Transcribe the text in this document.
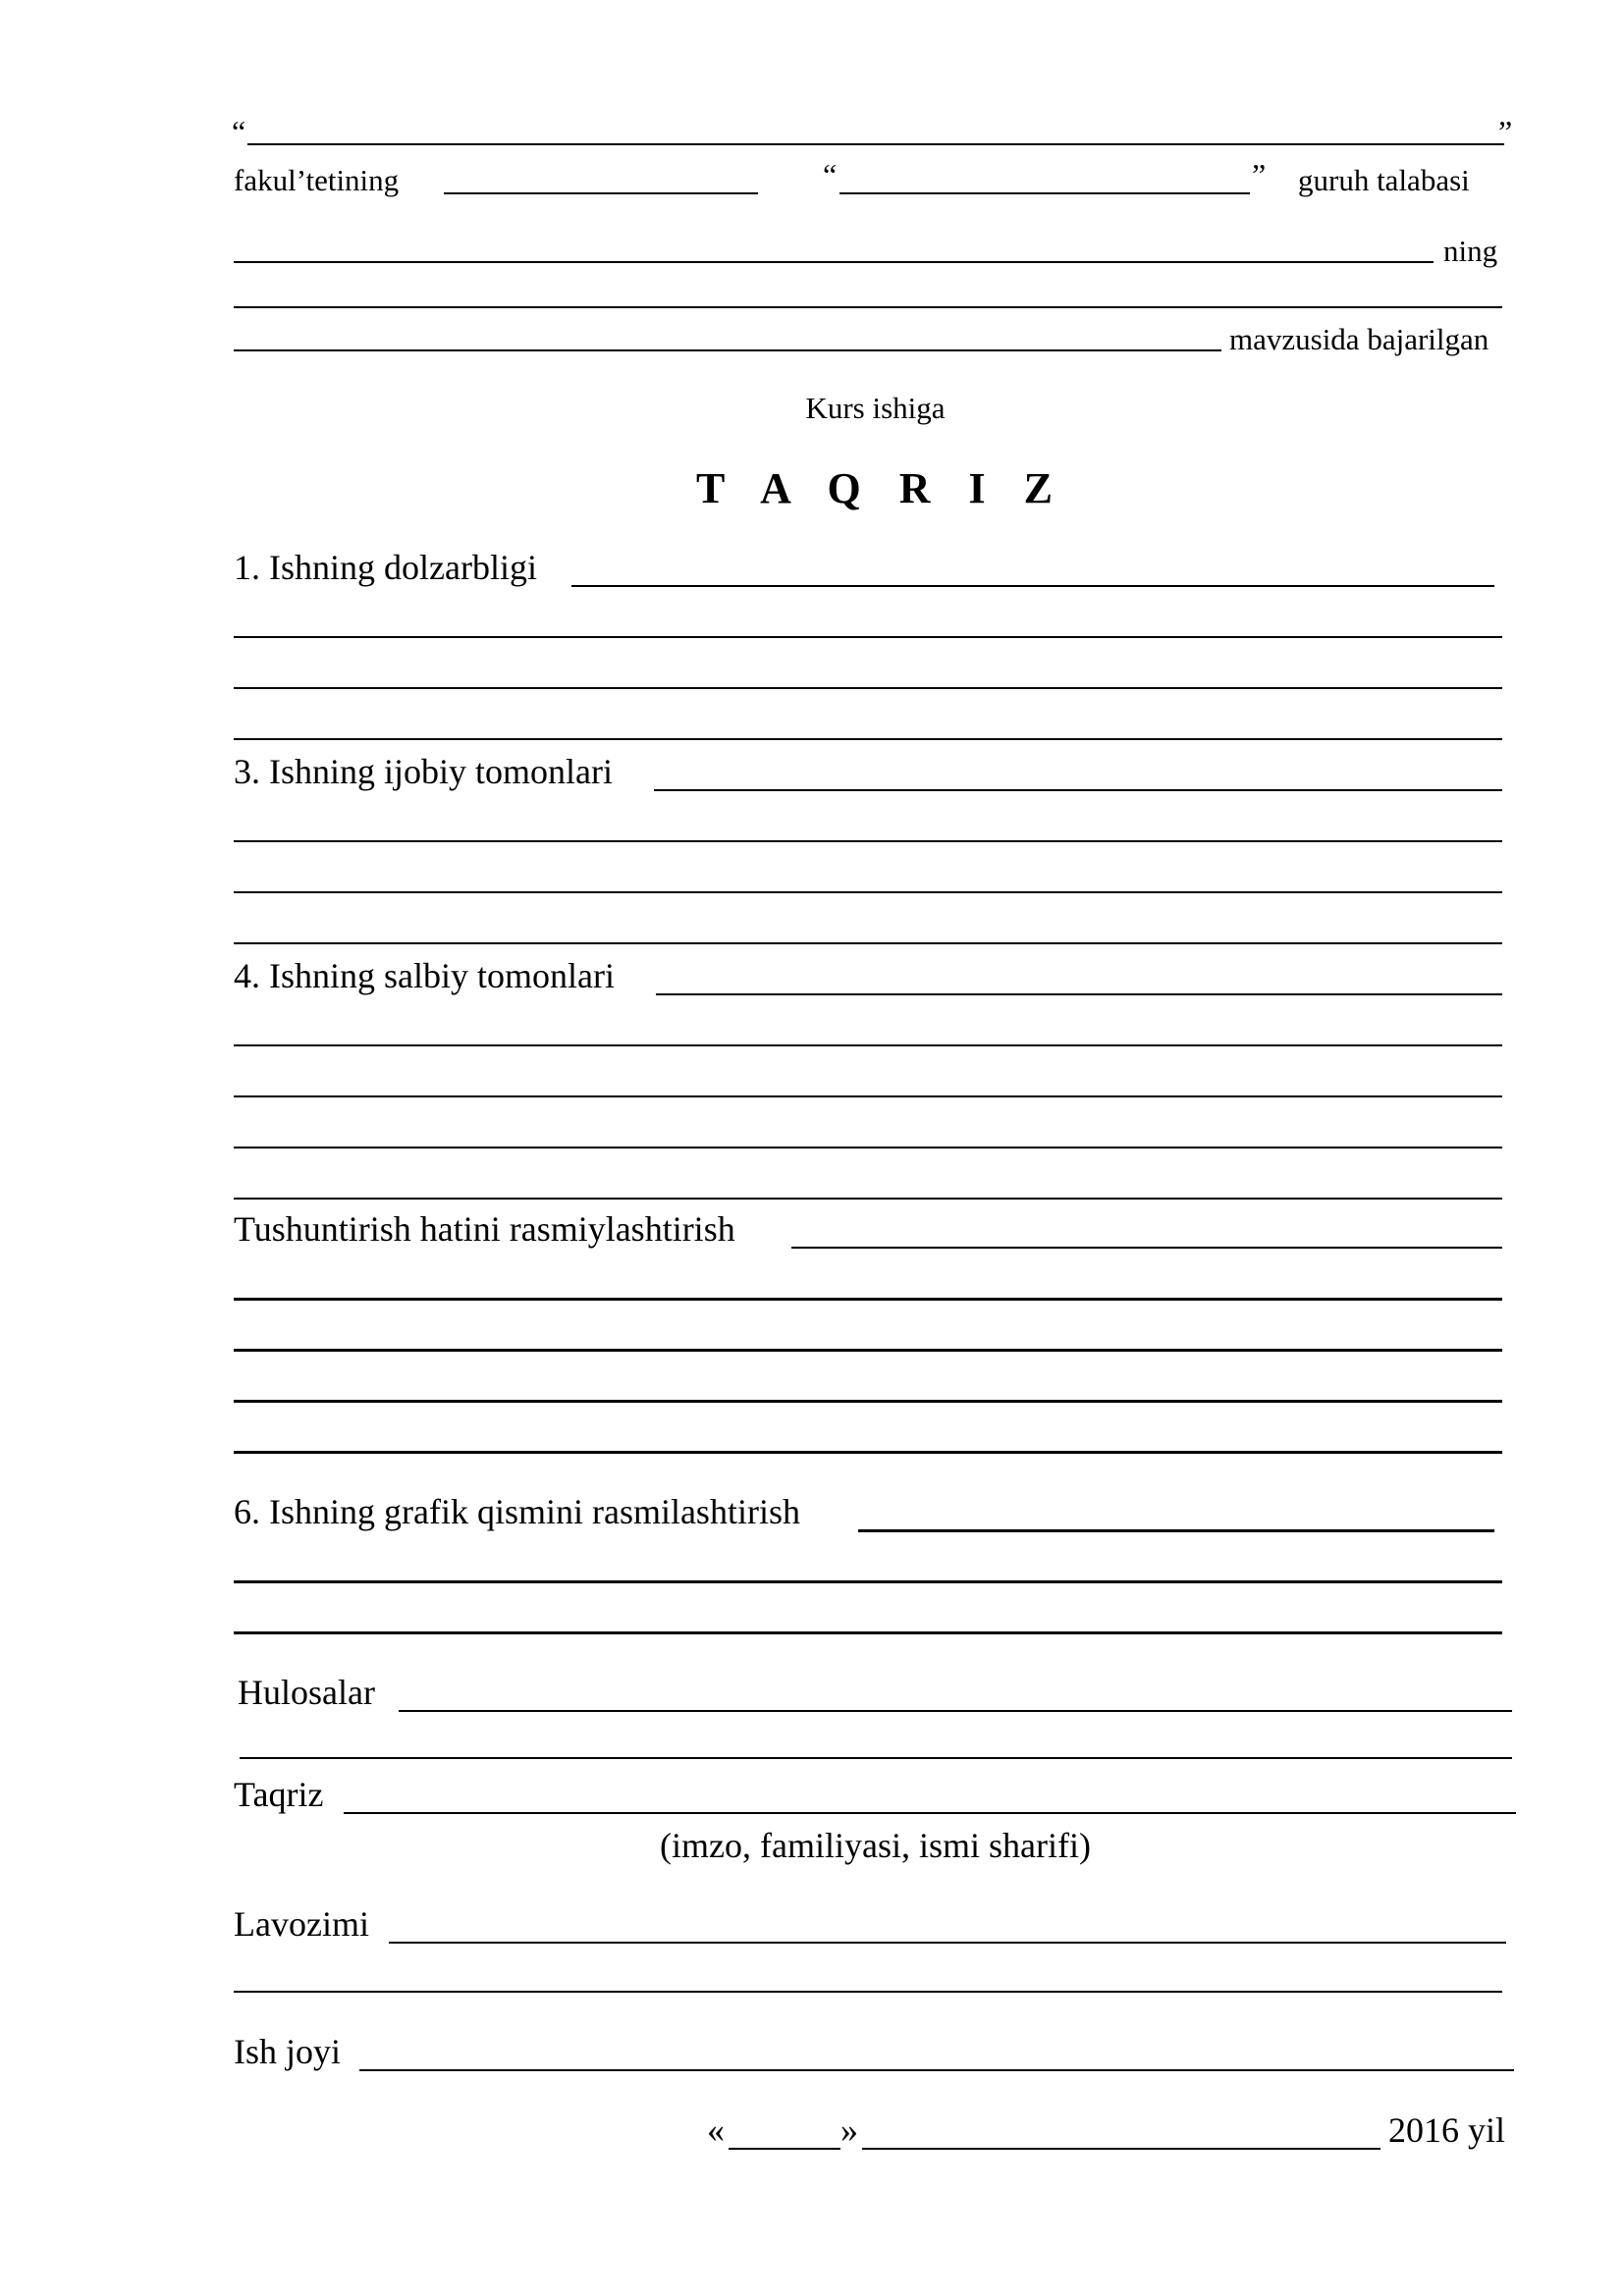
“	”
fakul’tetining	“	” guruh talabasi
ning
mavzusida bajarilgan
Kurs ishiga
T A Q R I Z
1. Ishning dolzarbligi
3. Ishning ijobiy tomonlari
4. Ishning salbiy tomonlari
Tushuntirish hatini rasmiylashtirish
6. Ishning grafik qismini rasmilashtirish
Hulosalar
Taqriz
(imzo, familiyasi, ismi sharifi)
Lavozimi
Ish joyi
«	»	2016 yil
